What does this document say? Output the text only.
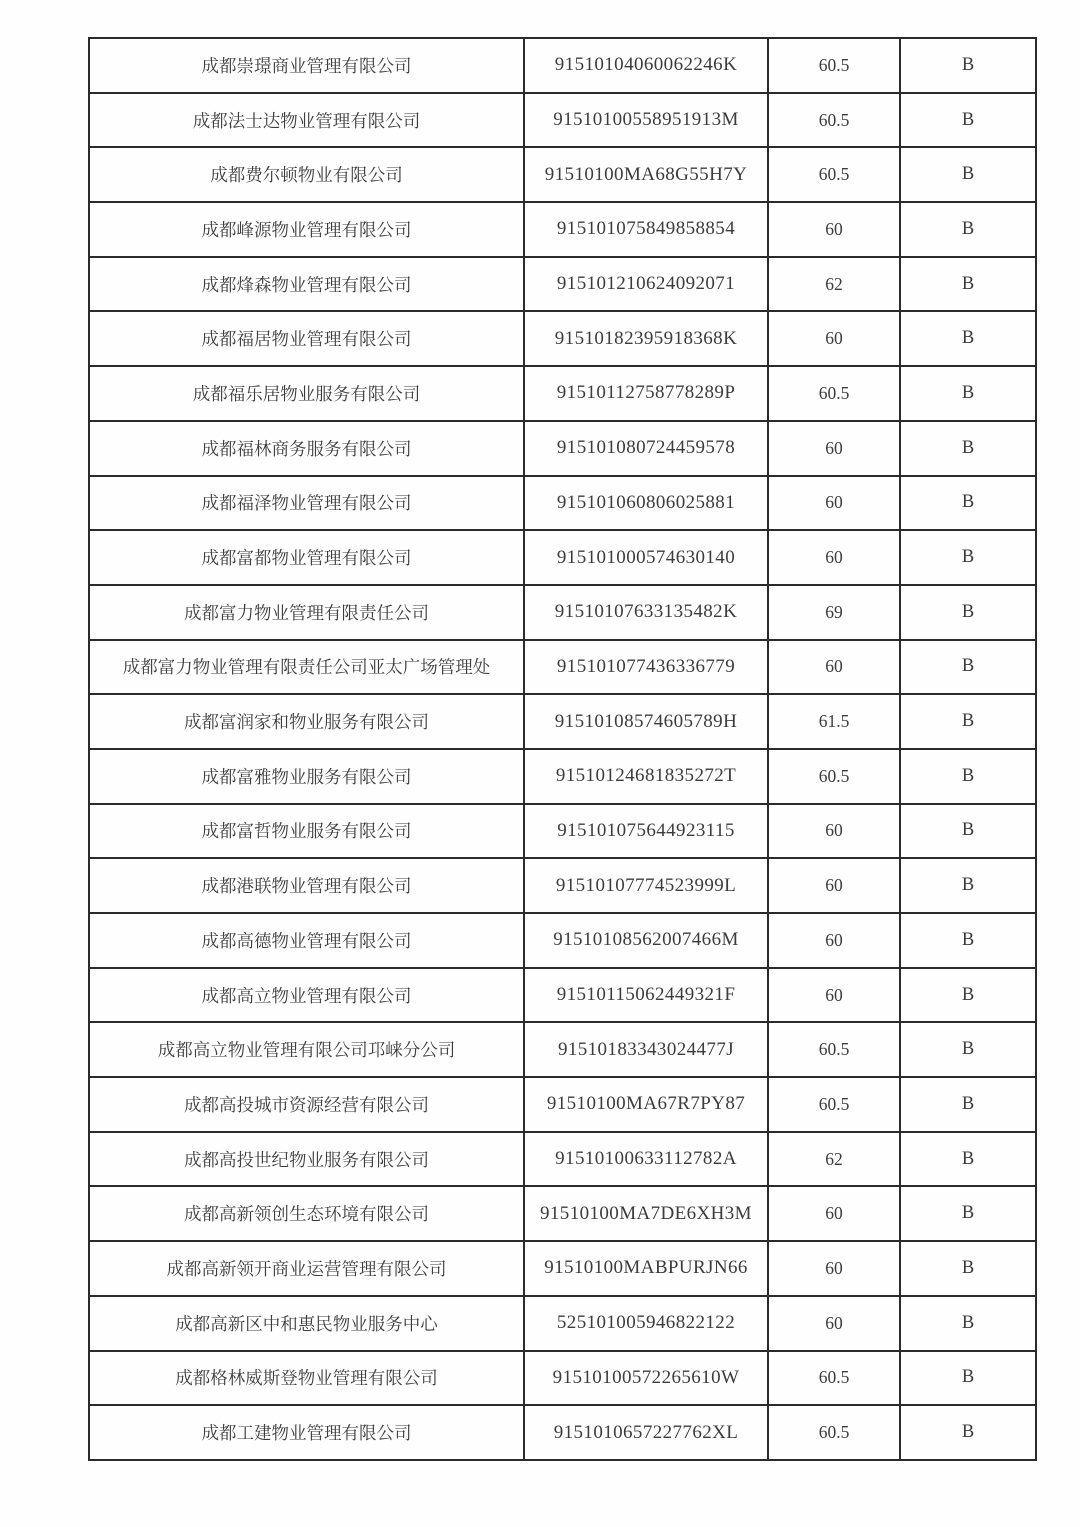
成都崇璟商业管理有限公司	91510104060062246K	60.5	B
成都法士达物业管理有限公司	91510100558951913M	60.5	B
成都费尔顿物业有限公司	91510100MA68G55H7Y	60.5	B
成都峰源物业管理有限公司	915101075849858854	60	B
成都烽森物业管理有限公司	915101210624092071	62	B
成都福居物业管理有限公司	91510182395918368K	60	B
成都福乐居物业服务有限公司	91510112758778289P	60.5	B
成都福林商务服务有限公司	915101080724459578	60	B
成都福泽物业管理有限公司	915101060806025881	60	B
成都富都物业管理有限公司	915101000574630140	60	B
成都富力物业管理有限责任公司	91510107633135482K	69	B
成都富力物业管理有限责任公司亚太广场管理处	915101077436336779	60	B
成都富润家和物业服务有限公司	91510108574605789H	61.5	B
成都富雅物业服务有限公司	91510124681835272T	60.5	B
成都富哲物业服务有限公司	915101075644923115	60	B
成都港联物业管理有限公司	91510107774523999L	60	B
成都高德物业管理有限公司	91510108562007466M	60	B
成都高立物业管理有限公司	91510115062449321F	60	B
成都高立物业管理有限公司邛崃分公司	91510183343024477J	60.5	B
成都高投城市资源经营有限公司	91510100MA67R7PY87	60.5	B
成都高投世纪物业服务有限公司	91510100633112782A	62	B
成都高新领创生态环境有限公司	91510100MA7DE6XH3M	60	B
成都高新领开商业运营管理有限公司	91510100MABPURJN66	60	B
成都高新区中和惠民物业服务中心	525101005946822122	60	B
成都格林威斯登物业管理有限公司	91510100572265610W	60.5	B
成都工建物业管理有限公司	9151010657227762XL	60.5	B
